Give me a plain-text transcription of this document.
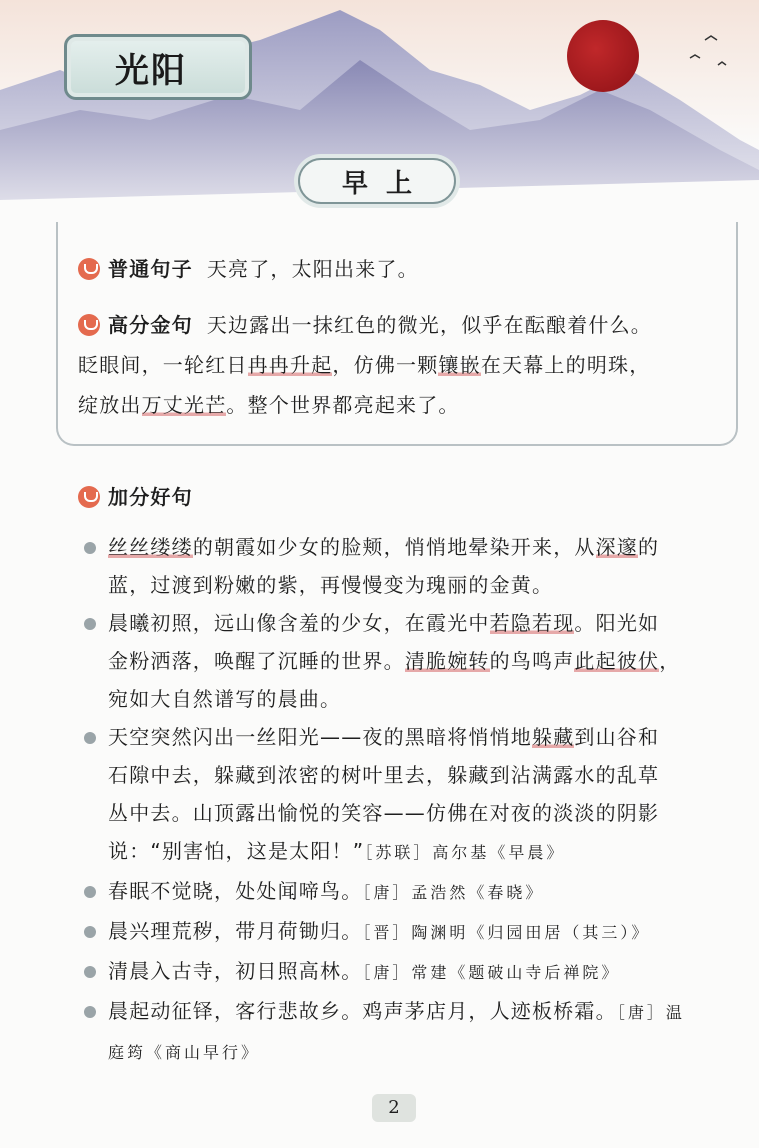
光阳
早上
普通句子 天亮了，太阳出来了。
高分金句 天边露出一抹红色的微光，似乎在酝酿着什么。
眨眼间，一轮红日冉冉升起，仿佛一颗镶嵌在天幕上的明珠，
绽放出万丈光芒。整个世界都亮起来了。
加分好句
丝丝缕缕的朝霞如少女的脸颊，悄悄地晕染开来，从深邃的
蓝，过渡到粉嫩的紫，再慢慢变为瑰丽的金黄。
晨曦初照，远山像含羞的少女，在霞光中若隐若现。阳光如
金粉洒落，唤醒了沉睡的世界。清脆婉转的鸟鸣声此起彼伏，
宛如大自然谱写的晨曲。
天空突然闪出一丝阳光——夜的黑暗将悄悄地躲藏到山谷和
石隙中去，躲藏到浓密的树叶里去，躲藏到沾满露水的乱草
丛中去。山顶露出愉悦的笑容——仿佛在对夜的淡淡的阴影
说：“别害怕，这是太阳！”［苏联］高尔基《早晨》
春眠不觉晓，处处闻啼鸟。［唐］孟浩然《春晓》
晨兴理荒秽，带月荷锄归。［晋］陶渊明《归园田居（其三）》
清晨入古寺，初日照高林。［唐］常建《题破山寺后禅院》
晨起动征铎，客行悲故乡。鸡声茅店月，人迹板桥霜。［唐］温
庭筠《商山早行》
2
